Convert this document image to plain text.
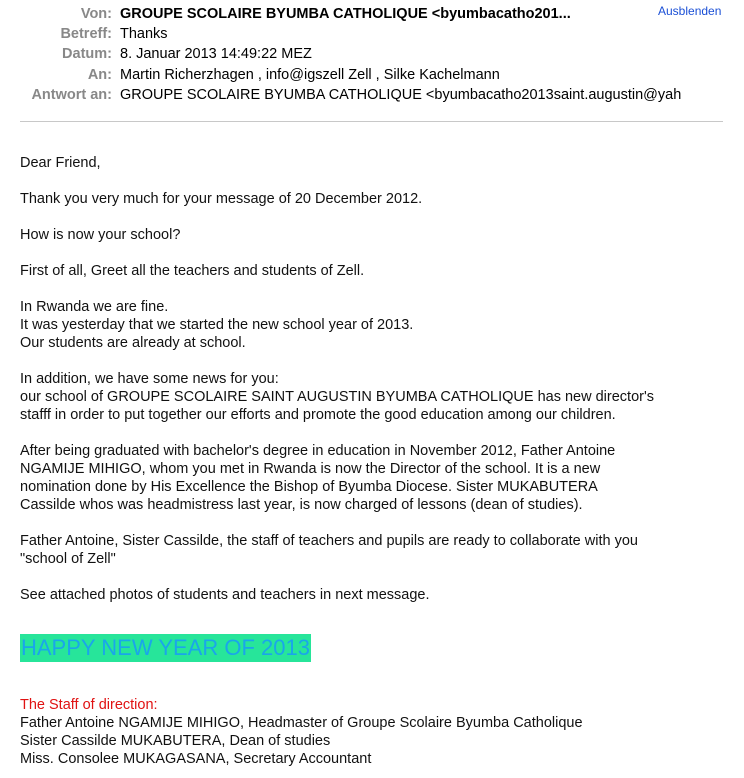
Von: GROUPE SCOLAIRE BYUMBA CATHOLIQUE <byumbacatho201...	Ausblenden
Betreff: Thanks
Datum: 8. Januar 2013 14:49:22 MEZ
An: Martin Richerzhagen , info@igszell Zell , Silke Kachelmann
Antwort an: GROUPE SCOLAIRE BYUMBA CATHOLIQUE <byumbacatho2013saint.augustin@yah

Dear Friend,

Thank you very much for your message of 20 December 2012.

How is now your school?

First of all, Greet all the teachers and students of Zell.

In Rwanda we are fine.
It was yesterday that we started the new school year of 2013.
Our students are already at school.

In addition, we have some news for you:
our school of GROUPE SCOLAIRE SAINT AUGUSTIN BYUMBA CATHOLIQUE has new director's
stafff in order to put together our efforts and promote the good education among our children.

After being graduated with bachelor's degree in education in November 2012, Father Antoine
NGAMIJE MIHIGO, whom you met in Rwanda is now the Director of the school. It is a new
nomination done by His Excellence the Bishop of Byumba Diocese. Sister MUKABUTERA
Cassilde whos was headmistress last year, is now charged of lessons (dean of studies).

Father Antoine, Sister Cassilde, the staff of teachers and pupils are ready to collaborate with you
"school of Zell"

See attached photos of students and teachers in next message.

HAPPY NEW YEAR OF 2013

The Staff of direction:
Father Antoine NGAMIJE MIHIGO, Headmaster of Groupe Scolaire Byumba Catholique
Sister Cassilde MUKABUTERA, Dean of studies
Miss. Consolee MUKAGASANA, Secretary Accountant
